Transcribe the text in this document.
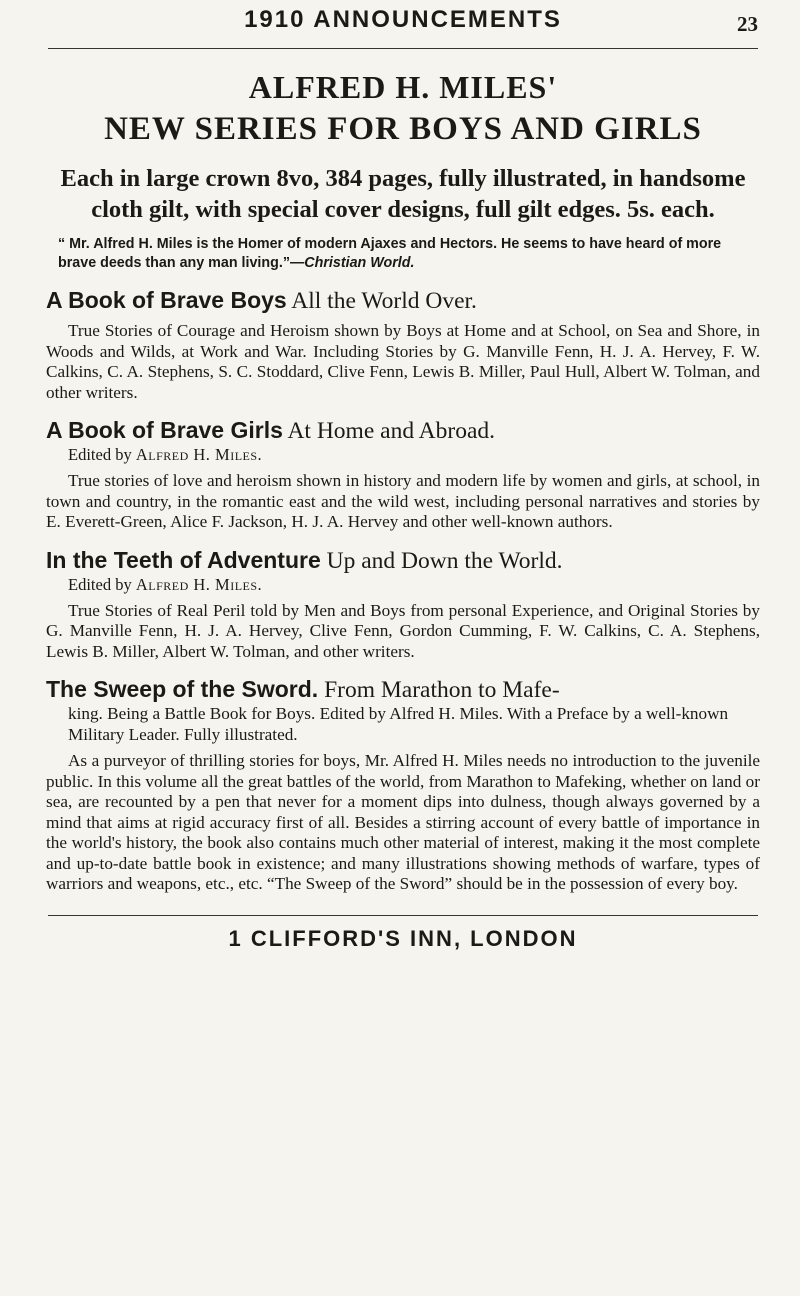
1910 ANNOUNCEMENTS	23
ALFRED H. MILES'
NEW SERIES FOR BOYS AND GIRLS
Each in large crown 8vo, 384 pages, fully illustrated, in handsome cloth gilt, with special cover designs, full gilt edges. 5s. each.
“ Mr. Alfred H. Miles is the Homer of modern Ajaxes and Hectors. He seems to have heard of more brave deeds than any man living.”—Christian World.
A Book of Brave Boys All the World Over.
True Stories of Courage and Heroism shown by Boys at Home and at School, on Sea and Shore, in Woods and Wilds, at Work and War. Including Stories by G. Manville Fenn, H. J. A. Hervey, F. W. Calkins, C. A. Stephens, S. C. Stoddard, Clive Fenn, Lewis B. Miller, Paul Hull, Albert W. Tolman, and other writers.
A Book of Brave Girls At Home and Abroad.
Edited by Alfred H. Miles.
True stories of love and heroism shown in history and modern life by women and girls, at school, in town and country, in the romantic east and the wild west, including personal narratives and stories by E. Everett-Green, Alice F. Jackson, H. J. A. Hervey and other well-known authors.
In the Teeth of Adventure Up and Down the World.
Edited by Alfred H. Miles.
True Stories of Real Peril told by Men and Boys from personal Experience, and Original Stories by G. Manville Fenn, H. J. A. Hervey, Clive Fenn, Gordon Cumming, F. W. Calkins, C. A. Stephens, Lewis B. Miller, Albert W. Tolman, and other writers.
The Sweep of the Sword. From Marathon to Mafe-
king. Being a Battle Book for Boys. Edited by Alfred H. Miles. With a Preface by a well-known Military Leader. Fully illustrated.
As a purveyor of thrilling stories for boys, Mr. Alfred H. Miles needs no introduction to the juvenile public. In this volume all the great battles of the world, from Marathon to Mafeking, whether on land or sea, are recounted by a pen that never for a moment dips into dulness, though always governed by a mind that aims at rigid accuracy first of all. Besides a stirring account of every battle of importance in the world's history, the book also contains much other material of interest, making it the most complete and up-to-date battle book in existence; and many illustrations showing methods of warfare, types of warriors and weapons, etc., etc. “The Sweep of the Sword” should be in the possession of every boy.
1 CLIFFORD'S INN, LONDON
